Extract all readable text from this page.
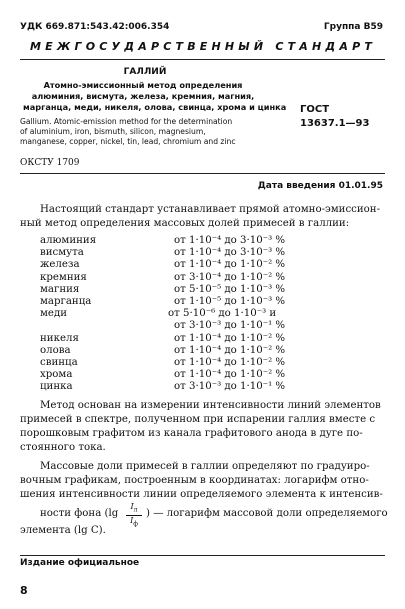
УДК 669.871:543.42:006.354	Группа В59
МЕЖГОСУДАРСТВЕННЫЙ СТАНДАРТ
ГАЛЛИЙ
Атомно-эмиссионный метод определения
алюминия, висмута, железа, кремния, магния,
марганца, меди, никеля, олова, свинца, хрома и цинка
Gallium. Atomic-emission method for the determination
of aluminium, iron, bismuth, silicon, magnesium,
manganese, copper, nickel, tin, lead, chromium and zinc
ГОСТ
13637.1—93
ОКСТУ 1709
Дата введения 01.01.95
Настоящий стандарт устанавливает прямой атомно-эмиссион-
ный метод определения массовых долей примесей в галлии:
алюминия	от 1·10⁻⁴ до 3·10⁻³ %
висмута	от 1·10⁻⁴ до 3·10⁻³ %
железа	от 1·10⁻⁴ до 1·10⁻² %
кремния	от 3·10⁻⁴ до 1·10⁻² %
магния	от 5·10⁻⁵ до 1·10⁻³ %
марганца	от 1·10⁻⁵ до 1·10⁻³ %
меди	от 5·10⁻⁶ до 1·10⁻³ и
от 3·10⁻³ до 1·10⁻¹ %
никеля	от 1·10⁻⁴ до 1·10⁻² %
олова	от 1·10⁻⁴ до 1·10⁻² %
свинца	от 1·10⁻⁴ до 1·10⁻² %
хрома	от 1·10⁻⁴ до 1·10⁻² %
цинка	от 3·10⁻³ до 1·10⁻¹ %
Метод основан на измерении интенсивности линий элементов
примесей в спектре, полученном при испарении галлия вместе с
порошковым графитом из канала графитового анода в дуге по-
стоянного тока.
Массовые доли примесей в галлии определяют по градуиро-
вочным графикам, построенным в координатах: логарифм отно-
шения интенсивности линии определяемого элемента к интенсив-
ности фона (lg
$I_л$
$I_ф$
) — логарифм массовой доли определяемого
элемента (lg C).
Издание официальное
8
